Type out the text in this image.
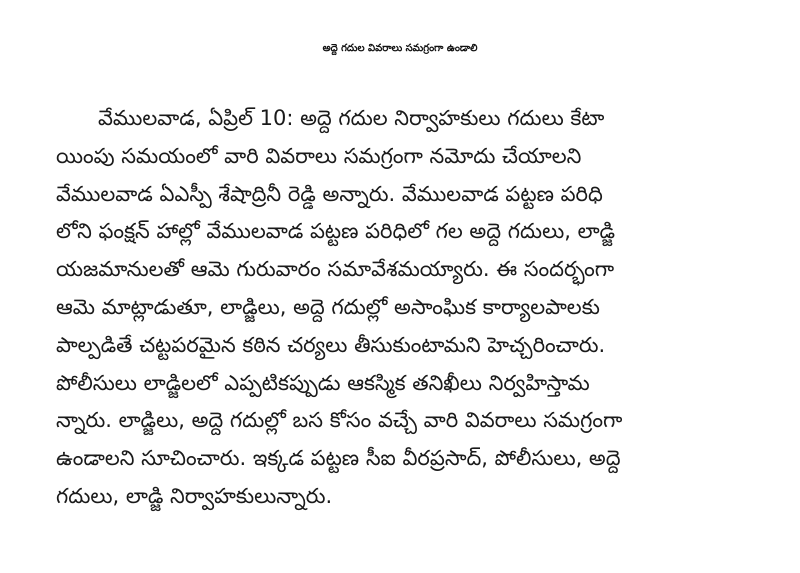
అద్దె గదుల వివరాలు సమగ్రంగా ఉండాలి
వేములవాడ, ఏప్రిల్ 10: అద్దె గదుల నిర్వాహకులు గదులు కేటా
యింపు సమయంలో వారి వివరాలు సమగ్రంగా నమోదు చేయాలని
వేములవాడ ఏఎస్పీ శేషాద్రినీ రెడ్డి అన్నారు. వేములవాడ పట్టణ పరిధి
లోని ఫంక్షన్ హాల్లో వేములవాడ పట్టణ పరిధిలో గల అద్దె గదులు, లాడ్జి
యజమానులతో ఆమె గురువారం సమావేశమయ్యారు. ఈ సందర్భంగా
ఆమె మాట్లాడుతూ, లాడ్జిలు, అద్దె గదుల్లో అసాంఘిక కార్యాలపాలకు
పాల్పడితే చట్టపరమైన కఠిన చర్యలు తీసుకుంటామని హెచ్చరించారు.
పోలీసులు లాడ్జిలలో ఎప్పటికప్పుడు ఆకస్మిక తనిఖీలు నిర్వహిస్తామ
న్నారు. లాడ్జిలు, అద్దె గదుల్లో బస కోసం వచ్చే వారి వివరాలు సమగ్రంగా
ఉండాలని సూచించారు. ఇక్కడ పట్టణ సీఐ వీరప్రసాద్, పోలీసులు, అద్దె
గదులు, లాడ్జి నిర్వాహకులున్నారు.
